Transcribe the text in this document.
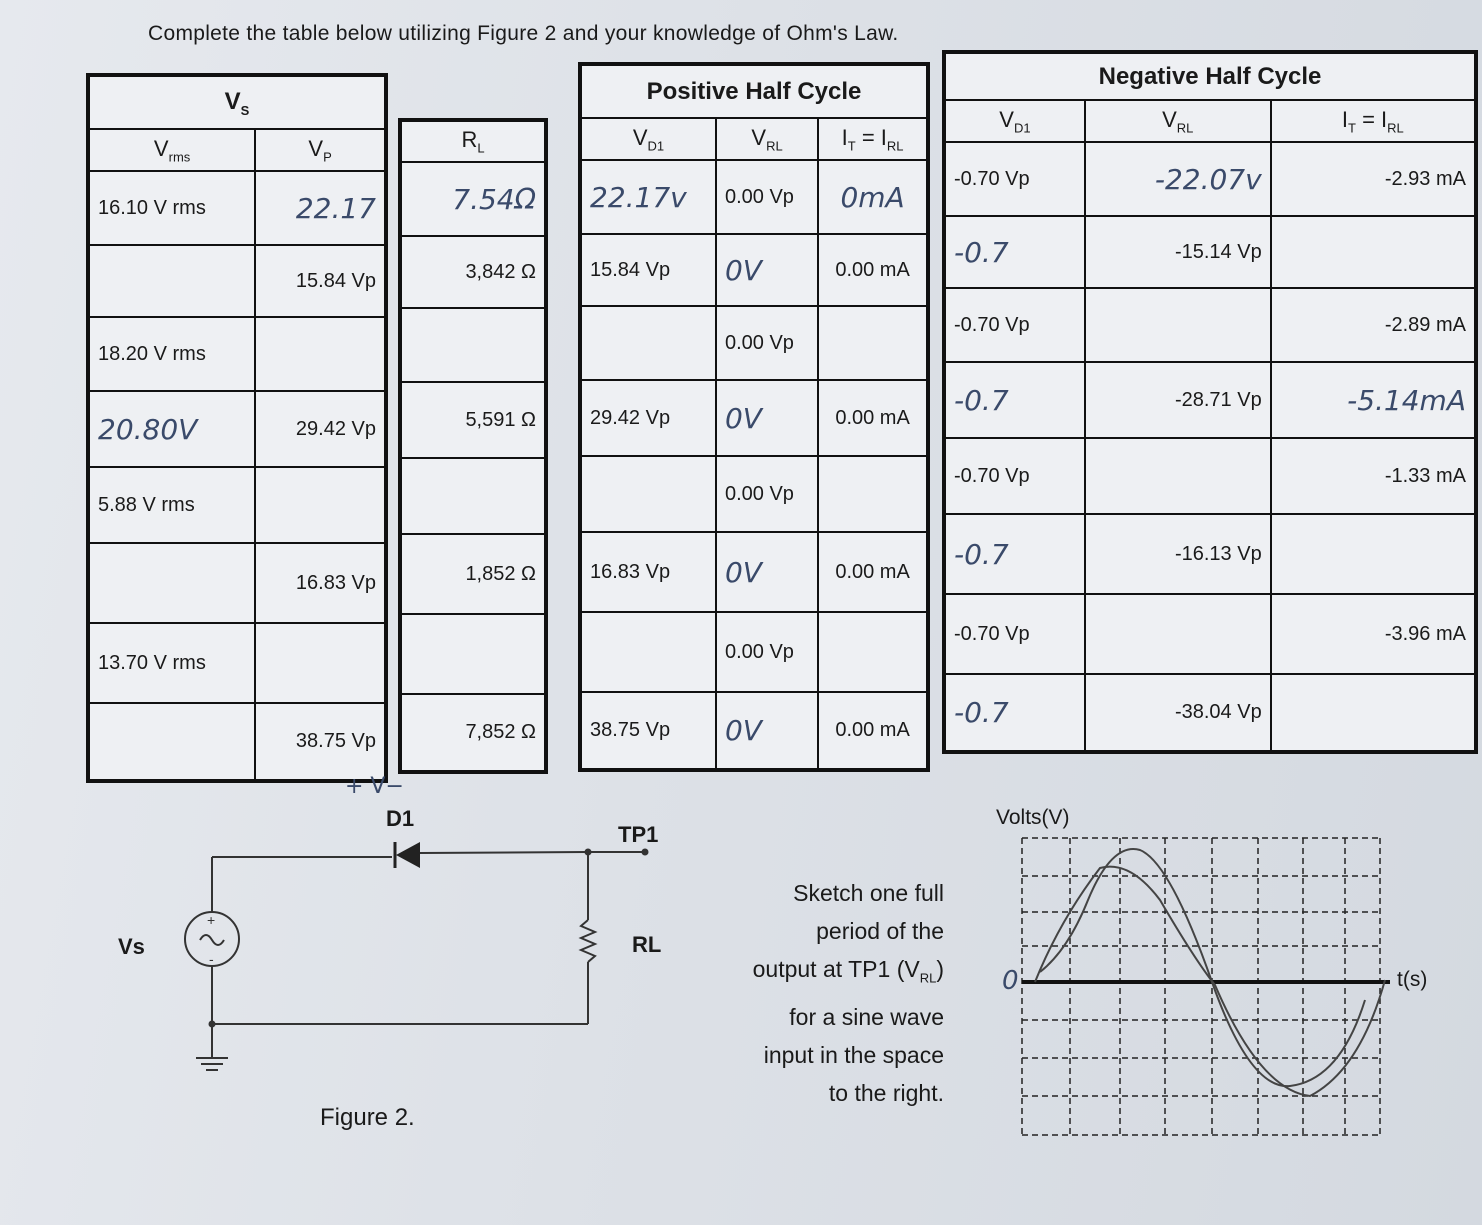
Complete the table below utilizing Figure 2 and your knowledge of Ohm's Law.
$V_S$
$V_{rms}$	$V_P$
16.10 V rms	22.17
	15.84 Vp
18.20 V rms	
20.80V	29.42 Vp
5.88 V rms	
	16.83 Vp
13.70 V rms	
	38.75 Vp
$R_L$
7.54Ω
3,842 Ω

5,591 Ω

1,852 Ω

7,852 Ω
Positive Half Cycle		
$V_{D1}$	$V_{RL}$	$I_T = I_{RL}$
22.17v	0.00 Vp	0mA
15.84 Vp	0V	0.00 mA
	0.00 Vp	
29.42 Vp	0V	0.00 mA
	0.00 Vp	
16.83 Vp	0V	0.00 mA
	0.00 Vp	
38.75 Vp	0V	0.00 mA
Negative Half Cycle		
$V_{D1}$	$V_{RL}$	$I_T = I_{RL}$
-0.70 Vp	-22.07v	-2.93 mA
-0.7	-15.14 Vp	
-0.70 Vp		-2.89 mA
-0.7	-28.71 Vp	-5.14mA
-0.70 Vp		-1.33 mA
-0.7	-16.13 Vp	
-0.70 Vp		-3.96 mA
-0.7	-38.04 Vp	
+ V−
D1
TP1
Vs	RL
Figure 2.
+
-
Sketch one full
period of the
output at TP1 $(V_{RL})$
for a sine wave
input in the space
to the right.
Volts(V)
t(s)
0
